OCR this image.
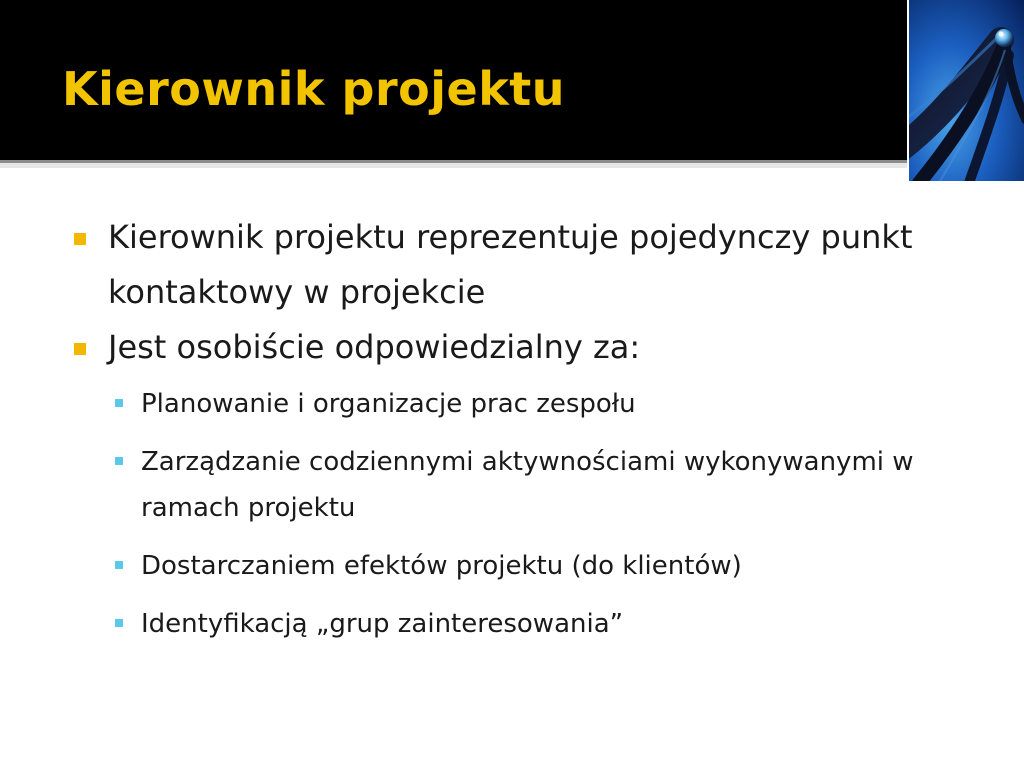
Kierownik projektu
Kierownik projektu reprezentuje pojedynczy punkt kontaktowy w projekcie
Jest osobiście odpowiedzialny za:
Planowanie i organizacje prac zespołu
Zarządzanie codziennymi aktywnościami wykonywanymi w ramach projektu
Dostarczaniem efektów projektu (do klientów)
Identyfikacją „grup zainteresowania”
